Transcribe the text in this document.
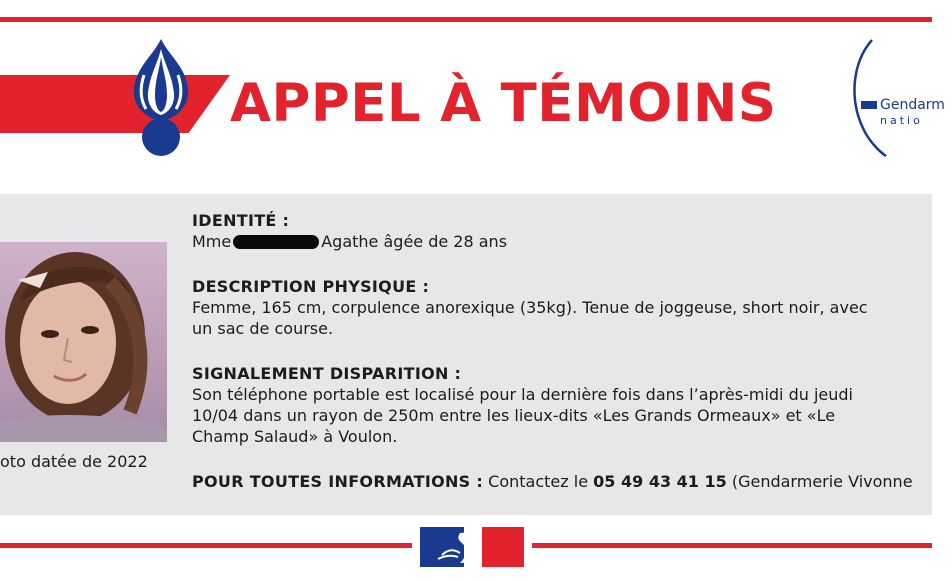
APPEL À TÉMOINS	Gendarm
natio
oto datée de 2022
IDENTITÉ :

Mme	Agathe âgée de 28 ans

DESCRIPTION PHYSIQUE :

Femme, 165 cm, corpulence anorexique (35kg). Tenue de joggeuse, short noir, avec

un sac de course.

SIGNALEMENT DISPARITION :

Son téléphone portable est localisé pour la dernière fois dans l’après-midi du jeudi

10/04 dans un rayon de 250m entre les lieux-dits «Les Grands Ormeaux» et «Le

Champ Salaud» à Voulon.

POUR TOUTES INFORMATIONS : Contactez le 05 49 43 41 15 (Gendarmerie Vivonne
